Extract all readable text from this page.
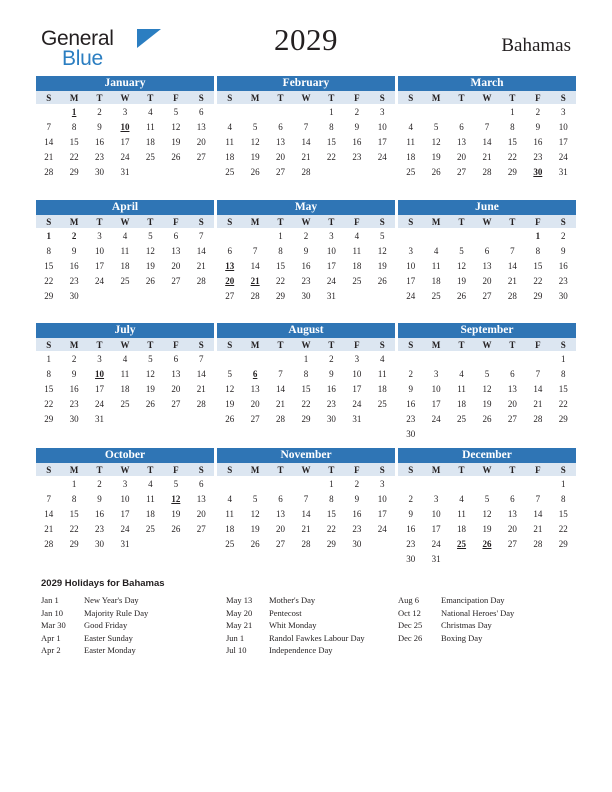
General
Blue
2029	Bahamas
January
S	M	T	W	T	F	S
	1	2	3	4	5	6
7	8	9	10	11	12	13
14	15	16	17	18	19	20
21	22	23	24	25	26	27
28	29	30	31			
February
S	M	T	W	T	F	S
				1	2	3
4	5	6	7	8	9	10
11	12	13	14	15	16	17
18	19	20	21	22	23	24
25	26	27	28			
March
S	M	T	W	T	F	S
				1	2	3
4	5	6	7	8	9	10
11	12	13	14	15	16	17
18	19	20	21	22	23	24
25	26	27	28	29	30	31
April
S	M	T	W	T	F	S
1	2	3	4	5	6	7
8	9	10	11	12	13	14
15	16	17	18	19	20	21
22	23	24	25	26	27	28
29	30					
May
S	M	T	W	T	F	S
		1	2	3	4	5
6	7	8	9	10	11	12
13	14	15	16	17	18	19
20	21	22	23	24	25	26
27	28	29	30	31		
June
S	M	T	W	T	F	S
					1	2
3	4	5	6	7	8	9
10	11	12	13	14	15	16
17	18	19	20	21	22	23
24	25	26	27	28	29	30
July
S	M	T	W	T	F	S
1	2	3	4	5	6	7
8	9	10	11	12	13	14
15	16	17	18	19	20	21
22	23	24	25	26	27	28
29	30	31				
August
S	M	T	W	T	F	S
			1	2	3	4
5	6	7	8	9	10	11
12	13	14	15	16	17	18
19	20	21	22	23	24	25
26	27	28	29	30	31	
September
S	M	T	W	T	F	S
						1
2	3	4	5	6	7	8
9	10	11	12	13	14	15
16	17	18	19	20	21	22
23	24	25	26	27	28	29
30						
October
S	M	T	W	T	F	S
	1	2	3	4	5	6
7	8	9	10	11	12	13
14	15	16	17	18	19	20
21	22	23	24	25	26	27
28	29	30	31			
November
S	M	T	W	T	F	S
				1	2	3
4	5	6	7	8	9	10
11	12	13	14	15	16	17
18	19	20	21	22	23	24
25	26	27	28	29	30	
December
S	M	T	W	T	F	S
						1
2	3	4	5	6	7	8
9	10	11	12	13	14	15
16	17	18	19	20	21	22
23	24	25	26	27	28	29
30	31					
2029 Holidays for Bahamas
Jan 1	New Year's Day
Jan 10	Majority Rule Day
Mar 30	Good Friday
Apr 1	Easter Sunday
Apr 2	Easter Monday
May 13	Mother's Day
May 20	Pentecost
May 21	Whit Monday
Jun 1	Randol Fawkes Labour Day
Jul 10	Independence Day
Aug 6	Emancipation Day
Oct 12	National Heroes' Day
Dec 25	Christmas Day
Dec 26	Boxing Day
